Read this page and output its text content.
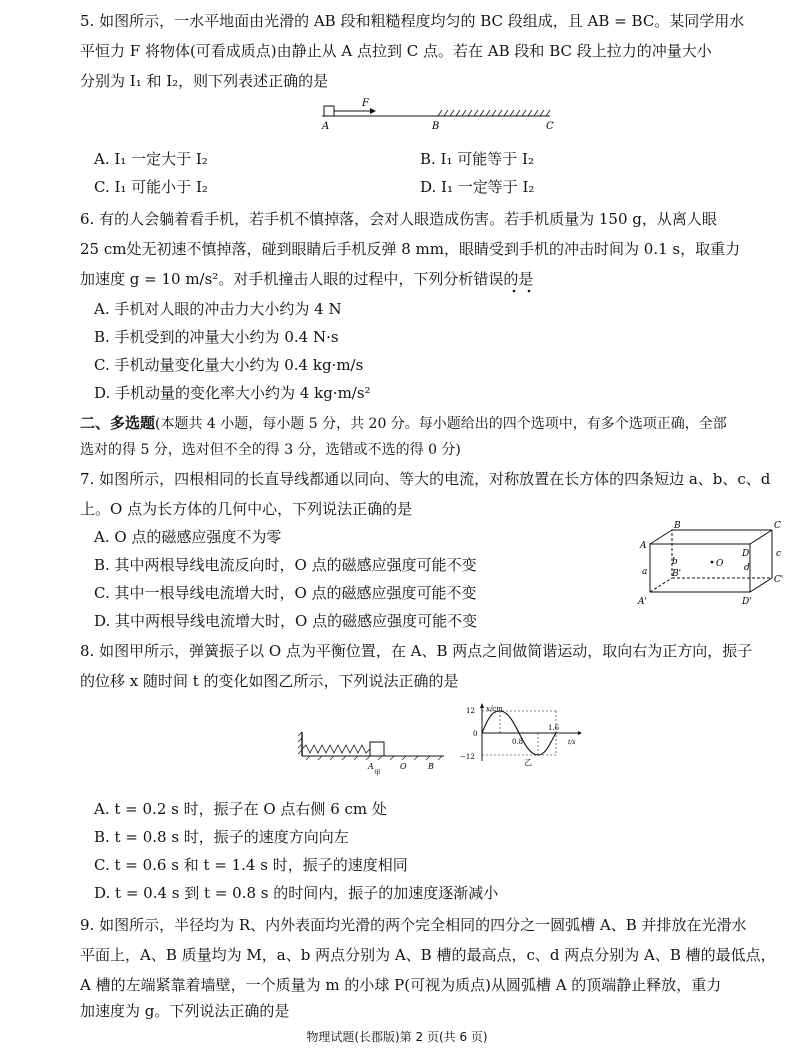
5. 如图所示，一水平地面由光滑的 AB 段和粗糙程度均匀的 BC 段组成，且 AB = BC。某同学用水
平恒力 F 将物体(可看成质点)由静止从 A 点拉到 C 点。若在 AB 段和 BC 段上拉力的冲量大小
分别为 I₁ 和 I₂，则下列表述正确的是
F
A	B	C
A. I₁ 一定大于 I₂	B. I₁ 可能等于 I₂
C. I₁ 可能小于 I₂	D. I₁ 一定等于 I₂
6. 有的人会躺着看手机，若手机不慎掉落，会对人眼造成伤害。若手机质量为 150 g，从离人眼
25 cm处无初速不慎掉落，碰到眼睛后手机反弹 8 mm，眼睛受到手机的冲击时间为 0.1 s，取重力
加速度 g = 10 m/s²。对手机撞击人眼的过程中，下列分析错误的是
A. 手机对人眼的冲击力大小约为 4 N
B. 手机受到的冲量大小约为 0.4 N·s
C. 手机动量变化量大小约为 0.4 kg·m/s
D. 手机动量的变化率大小约为 4 kg·m/s²
二、多选题(本题共 4 小题，每小题 5 分，共 20 分。每小题给出的四个选项中，有多个选项正确，全部
选对的得 5 分，选对但不全的得 3 分，选错或不选的得 0 分)
7. 如图所示，四根相同的长直导线都通以同向、等大的电流，对称放置在长方体的四条短边 a、b、c、d
上。O 点为长方体的几何中心，下列说法正确的是
A. O 点的磁感应强度不为零
B. 其中两根导线电流反向时，O 点的磁感应强度可能不变
C. 其中一根导线电流增大时，O 点的磁感应强度可能不变
D. 其中两根导线电流增大时，O 点的磁感应强度可能不变
B	C
A
D
b
B'
a
O d
c
C'
A'	D'
8. 如图甲所示，弹簧振子以 O 点为平衡位置，在 A、B 两点之间做简谐运动，取向右为正方向，振子
的位移 x 随时间 t 的变化如图乙所示，下列说法正确的是
A	O	B
甲
x/cm
t/s
12
0
−12
0.8
1.6
乙
A. t = 0.2 s 时，振子在 O 点右侧 6 cm 处
B. t = 0.8 s 时，振子的速度方向向左
C. t = 0.6 s 和 t = 1.4 s 时，振子的速度相同
D. t = 0.4 s 到 t = 0.8 s 的时间内，振子的加速度逐渐减小
9. 如图所示，半径均为 R、内外表面均光滑的两个完全相同的四分之一圆弧槽 A、B 并排放在光滑水
平面上，A、B 质量均为 M，a、b 两点分别为 A、B 槽的最高点，c、d 两点分别为 A、B 槽的最低点，
A 槽的左端紧靠着墙壁，一个质量为 m 的小球 P(可视为质点)从圆弧槽 A 的顶端静止释放，重力
加速度为 g。下列说法正确的是
物理试题(长郡版)第 2 页(共 6 页)
